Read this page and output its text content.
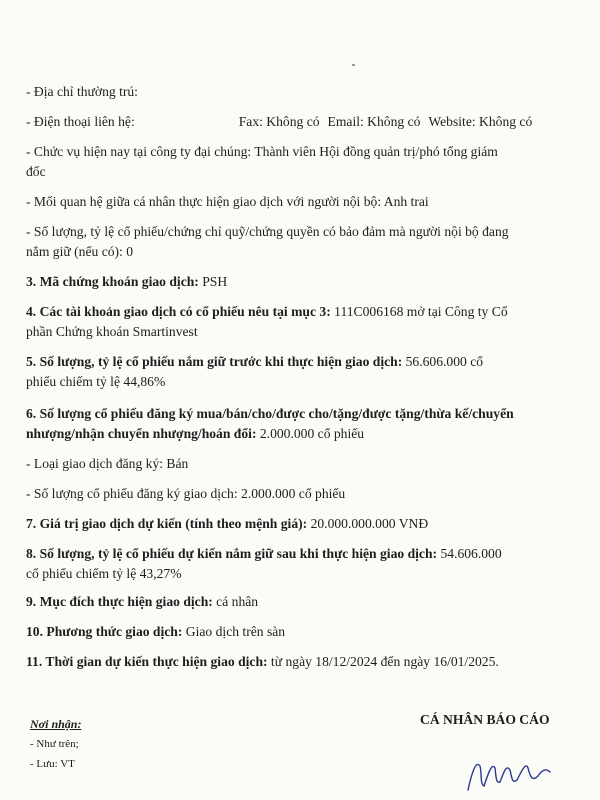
- Địa chỉ thường trú:
- Điện thoại liên hệ:	Fax: Không có Email: Không có Website: Không có
- Chức vụ hiện nay tại công ty đại chúng: Thành viên Hội đồng quản trị/phó tổng giám
đốc
- Mối quan hệ giữa cá nhân thực hiện giao dịch với người nội bộ: Anh trai
- Số lượng, tỷ lệ cổ phiếu/chứng chỉ quỹ/chứng quyền có bảo đảm mà người nội bộ đang
nắm giữ (nếu có): 0
3. Mã chứng khoán giao dịch: PSH
4. Các tài khoản giao dịch có cổ phiếu nêu tại mục 3: 111C006168 mở tại Công ty Cổ
phần Chứng khoán Smartinvest
5. Số lượng, tỷ lệ cổ phiếu nắm giữ trước khi thực hiện giao dịch: 56.606.000 cổ
phiếu chiếm tỷ lệ 44,86%
6. Số lượng cổ phiếu đăng ký mua/bán/cho/được cho/tặng/được tặng/thừa kế/chuyển
nhượng/nhận chuyển nhượng/hoán đổi: 2.000.000 cổ phiếu
- Loại giao dịch đăng ký: Bán
- Số lượng cổ phiếu đăng ký giao dịch: 2.000.000 cổ phiếu
7. Giá trị giao dịch dự kiến (tính theo mệnh giá): 20.000.000.000 VNĐ
8. Số lượng, tỷ lệ cổ phiếu dự kiến nắm giữ sau khi thực hiện giao dịch: 54.606.000
cổ phiếu chiếm tỷ lệ 43,27%
9. Mục đích thực hiện giao dịch: cá nhân
10. Phương thức giao dịch: Giao dịch trên sàn
11. Thời gian dự kiến thực hiện giao dịch: từ ngày 18/12/2024 đến ngày 16/01/2025.
Nơi nhận:
- Như trên;
- Lưu: VT
CÁ NHÂN BÁO CÁO
